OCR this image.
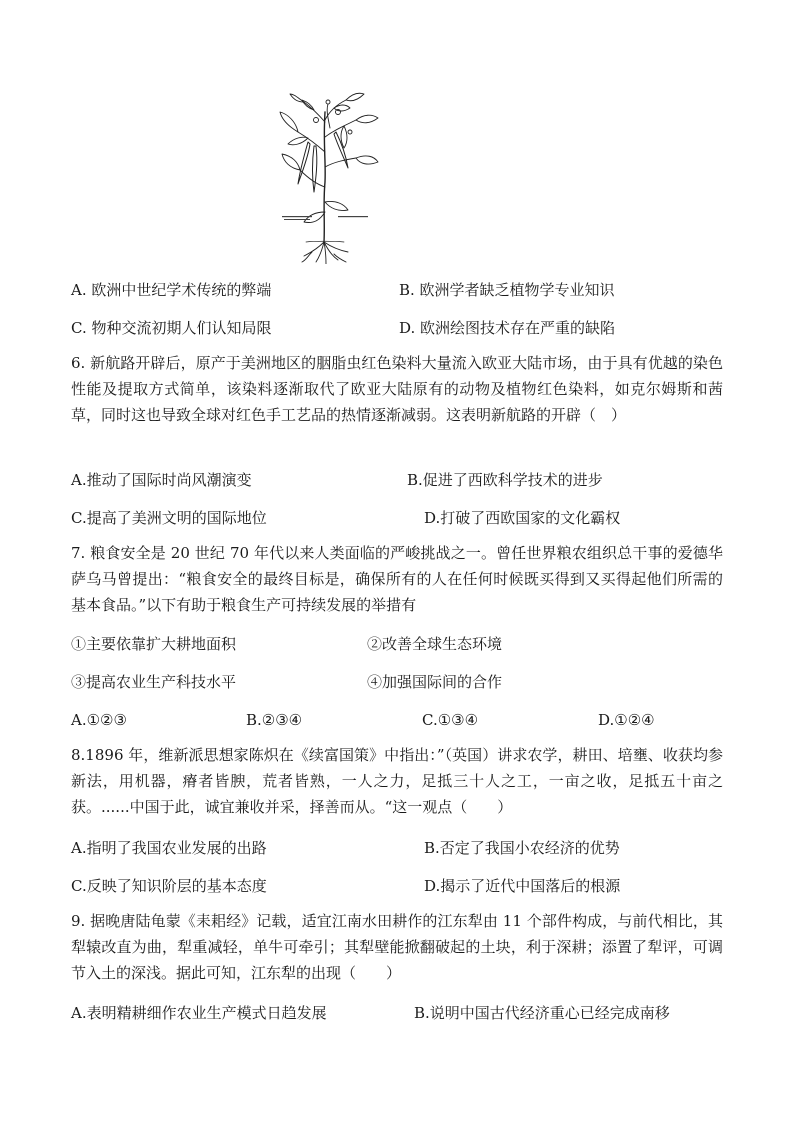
A. 欧洲中世纪学术传统的弊端	B. 欧洲学者缺乏植物学专业知识
C. 物种交流初期人们认知局限	D. 欧洲绘图技术存在严重的缺陷
6. 新航路开辟后，原产于美洲地区的胭脂虫红色染料大量流入欧亚大陆市场，由于具有优越的染色性能及提取方式简单，该染料逐渐取代了欧亚大陆原有的动物及植物红色染料，如克尔姆斯和茜草，同时这也导致全球对红色手工艺品的热情逐渐减弱。这表明新航路的开辟（　）
A.推动了国际时尚风潮演变	B.促进了西欧科学技术的进步
C.提高了美洲文明的国际地位	D.打破了西欧国家的文化霸权
7. 粮食安全是 20 世纪 70 年代以来人类面临的严峻挑战之一。曾任世界粮农组织总干事的爱德华萨乌马曾提出：“粮食安全的最终目标是，确保所有的人在任何时候既买得到又买得起他们所需的基本食品。”以下有助于粮食生产可持续发展的举措有
①主要依靠扩大耕地面积	②改善全球生态环境
③提高农业生产科技水平	④加强国际间的合作
A.①②③	B.②③④	C.①③④	D.①②④
8.1896 年，维新派思想家陈炽在《续富国策》中指出：”（英国）讲求农学，耕田、培壅、收获均参新法，用机器，瘠者皆腴，荒者皆熟，一人之力，足抵三十人之工，一亩之收，足抵五十亩之获。......中国于此，诚宜兼收并采，择善而从。“这一观点（　　）
A.指明了我国农业发展的出路	B.否定了我国小农经济的优势
C.反映了知识阶层的基本态度	D.揭示了近代中国落后的根源
9. 据晚唐陆龟蒙《耒耜经》记载，适宜江南水田耕作的江东犁由 11 个部件构成，与前代相比，其犁辕改直为曲，犁重减轻，单牛可牵引；其犁壁能掀翻破起的土块，利于深耕；添置了犁评，可调节入土的深浅。据此可知，江东犁的出现（　　）
A.表明精耕细作农业生产模式日趋发展	B.说明中国古代经济重心已经完成南移
